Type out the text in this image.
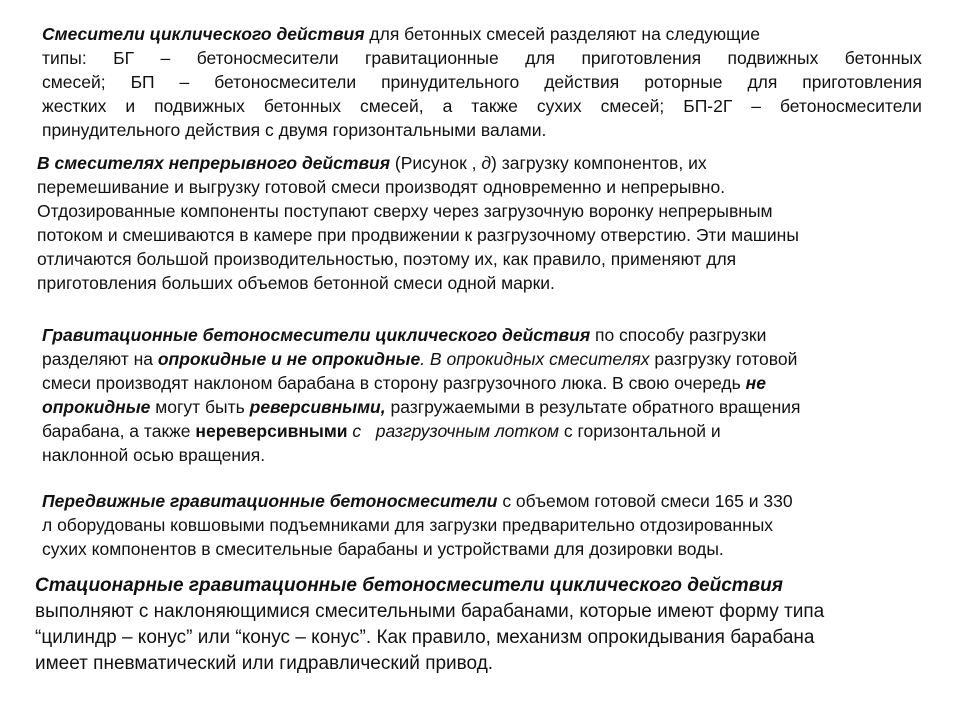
Смесители циклического действия для бетонных смесей разделяют на следующие
типы: БГ – бетоносмесители гравитационные для приготовления подвижных бетонных
смесей; БП – бетоносмесители принудительного действия роторные для приготовления
жестких и подвижных бетонных смесей, а также сухих смесей; БП-2Г – бетоносмесители
принудительного действия с двумя горизонтальными валами.
В смесителях непрерывного действия (Рисунок , д) загрузку компонентов, их
перемешивание и выгрузку готовой смеси производят одновременно и непрерывно.
Отдозированные компоненты поступают сверху через загрузочную воронку непрерывным
потоком и смешиваются в камере при продвижении к разгрузочному отверстию. Эти машины
отличаются большой производительностью, поэтому их, как правило, применяют для
приготовления больших объемов бетонной смеси одной марки.
Гравитационные бетоносмесители циклического действия по способу разгрузки
разделяют на опрокидные и не опрокидные. В опрокидных смесителях разгрузку готовой
смеси производят наклоном барабана в сторону разгрузочного люка. В свою очередь не
опрокидные могут быть реверсивными, разгружаемыми в результате обратного вращения
барабана, а также нереверсивными с   разгрузочным лотком с горизонтальной и
наклонной осью вращения.
Передвижные гравитационные бетоносмесители с объемом готовой смеси 165 и 330
л оборудованы ковшовыми подъемниками для загрузки предварительно отдозированных
сухих компонентов в смесительные барабаны и устройствами для дозировки воды.
Стационарные гравитационные бетоносмесители циклического действия
выполняют с наклоняющимися смесительными барабанами, которые имеют форму типа
“цилиндр – конус” или “конус – конус”. Как правило, механизм опрокидывания барабана
имеет пневматический или гидравлический привод.
